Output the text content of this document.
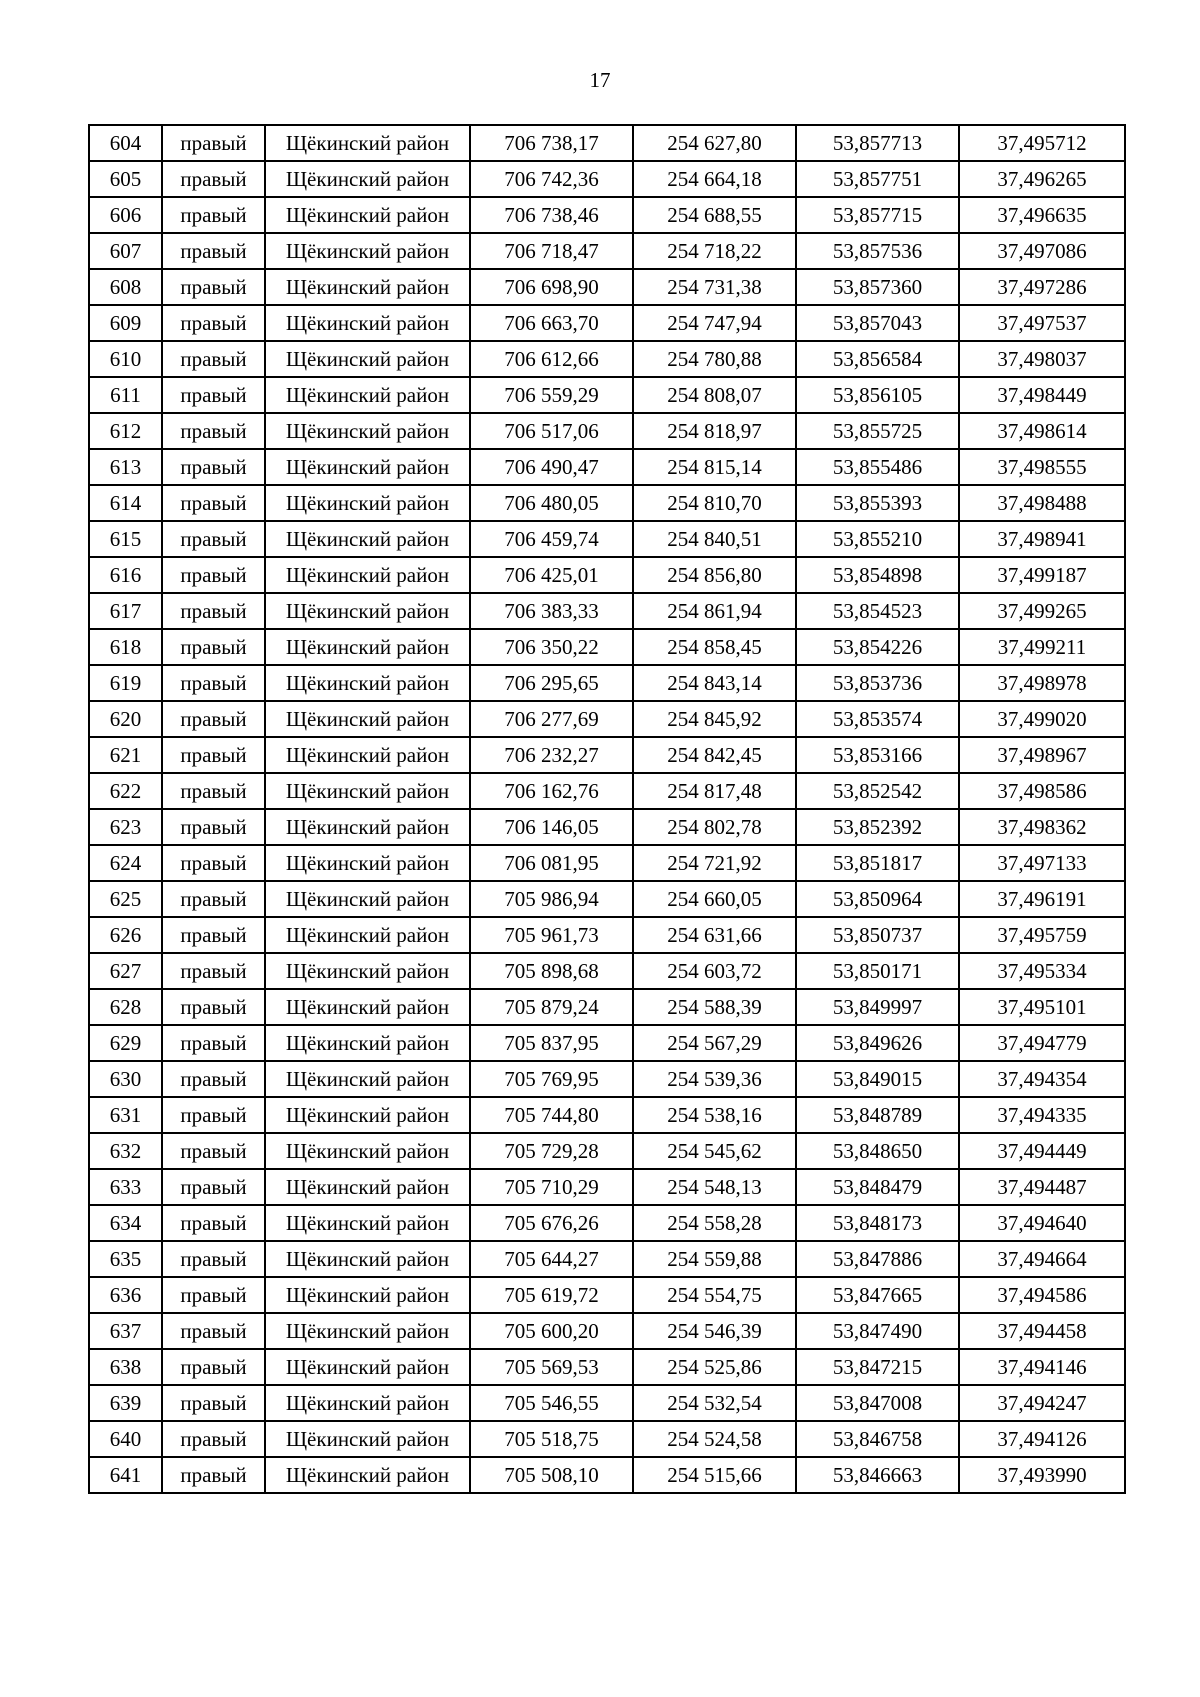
17
604	правый	Щёкинский район	706 738,17	254 627,80	53,857713	37,495712
605	правый	Щёкинский район	706 742,36	254 664,18	53,857751	37,496265
606	правый	Щёкинский район	706 738,46	254 688,55	53,857715	37,496635
607	правый	Щёкинский район	706 718,47	254 718,22	53,857536	37,497086
608	правый	Щёкинский район	706 698,90	254 731,38	53,857360	37,497286
609	правый	Щёкинский район	706 663,70	254 747,94	53,857043	37,497537
610	правый	Щёкинский район	706 612,66	254 780,88	53,856584	37,498037
611	правый	Щёкинский район	706 559,29	254 808,07	53,856105	37,498449
612	правый	Щёкинский район	706 517,06	254 818,97	53,855725	37,498614
613	правый	Щёкинский район	706 490,47	254 815,14	53,855486	37,498555
614	правый	Щёкинский район	706 480,05	254 810,70	53,855393	37,498488
615	правый	Щёкинский район	706 459,74	254 840,51	53,855210	37,498941
616	правый	Щёкинский район	706 425,01	254 856,80	53,854898	37,499187
617	правый	Щёкинский район	706 383,33	254 861,94	53,854523	37,499265
618	правый	Щёкинский район	706 350,22	254 858,45	53,854226	37,499211
619	правый	Щёкинский район	706 295,65	254 843,14	53,853736	37,498978
620	правый	Щёкинский район	706 277,69	254 845,92	53,853574	37,499020
621	правый	Щёкинский район	706 232,27	254 842,45	53,853166	37,498967
622	правый	Щёкинский район	706 162,76	254 817,48	53,852542	37,498586
623	правый	Щёкинский район	706 146,05	254 802,78	53,852392	37,498362
624	правый	Щёкинский район	706 081,95	254 721,92	53,851817	37,497133
625	правый	Щёкинский район	705 986,94	254 660,05	53,850964	37,496191
626	правый	Щёкинский район	705 961,73	254 631,66	53,850737	37,495759
627	правый	Щёкинский район	705 898,68	254 603,72	53,850171	37,495334
628	правый	Щёкинский район	705 879,24	254 588,39	53,849997	37,495101
629	правый	Щёкинский район	705 837,95	254 567,29	53,849626	37,494779
630	правый	Щёкинский район	705 769,95	254 539,36	53,849015	37,494354
631	правый	Щёкинский район	705 744,80	254 538,16	53,848789	37,494335
632	правый	Щёкинский район	705 729,28	254 545,62	53,848650	37,494449
633	правый	Щёкинский район	705 710,29	254 548,13	53,848479	37,494487
634	правый	Щёкинский район	705 676,26	254 558,28	53,848173	37,494640
635	правый	Щёкинский район	705 644,27	254 559,88	53,847886	37,494664
636	правый	Щёкинский район	705 619,72	254 554,75	53,847665	37,494586
637	правый	Щёкинский район	705 600,20	254 546,39	53,847490	37,494458
638	правый	Щёкинский район	705 569,53	254 525,86	53,847215	37,494146
639	правый	Щёкинский район	705 546,55	254 532,54	53,847008	37,494247
640	правый	Щёкинский район	705 518,75	254 524,58	53,846758	37,494126
641	правый	Щёкинский район	705 508,10	254 515,66	53,846663	37,493990
